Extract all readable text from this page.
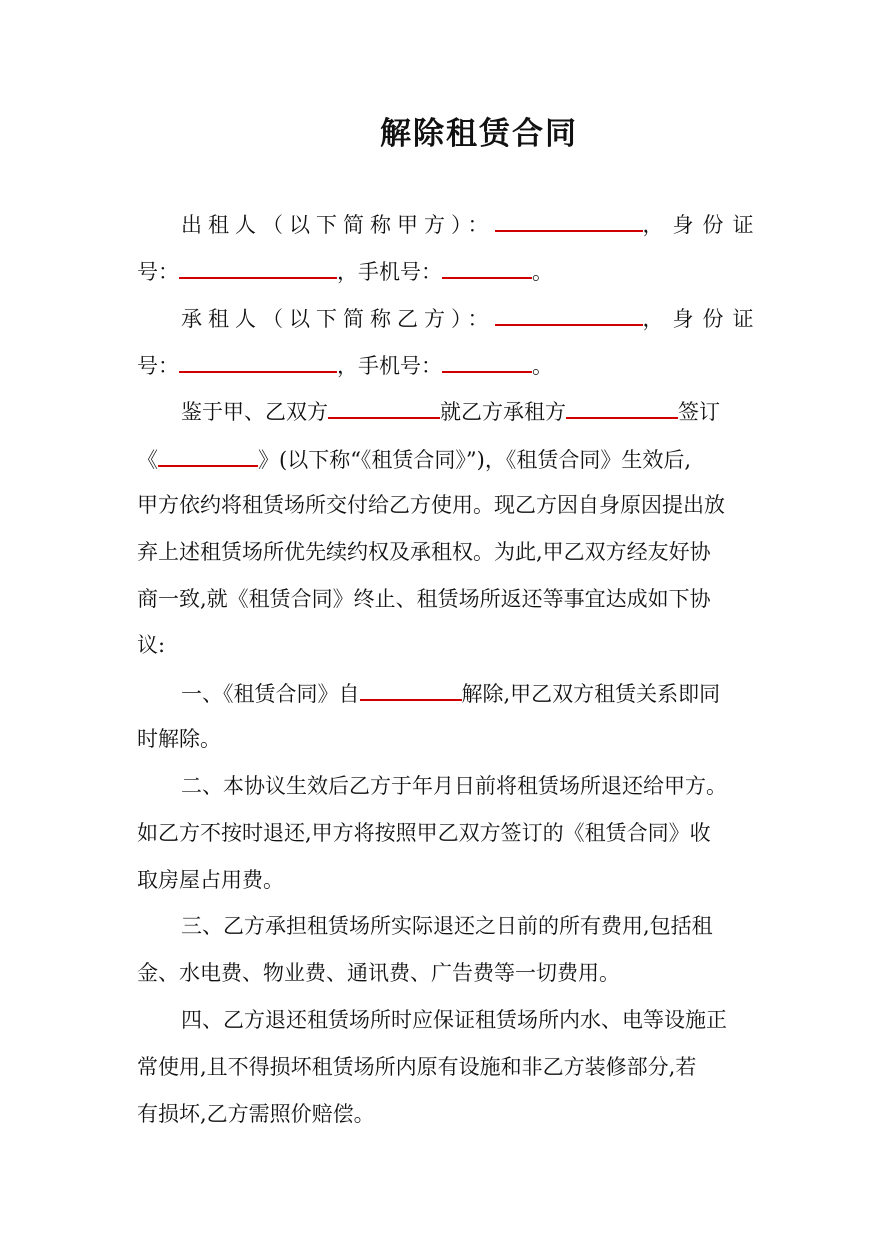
解除租赁合同
出租人（以下简称甲方）：	，身份证
号：	，手机号：	。
承租人（以下简称乙方）：	，身份证
号：	，手机号：	。
鉴于甲、乙双方	就乙方承租方	签订
《	》(以下称“《租赁合同》”)，《租赁合同》生效后,
甲方依约将租赁场所交付给乙方使用。现乙方因自身原因提出放
弃上述租赁场所优先续约权及承租权。为此,甲乙双方经友好协
商一致,就《租赁合同》终止、租赁场所返还等事宜达成如下协
议:
一、《租赁合同》自	解除,甲乙双方租赁关系即同
时解除。
二、本协议生效后乙方于年月日前将租赁场所退还给甲方。
如乙方不按时退还,甲方将按照甲乙双方签订的《租赁合同》收
取房屋占用费。
三、乙方承担租赁场所实际退还之日前的所有费用,包括租
金、水电费、物业费、通讯费、广告费等一切费用。
四、乙方退还租赁场所时应保证租赁场所内水、电等设施正
常使用,且不得损坏租赁场所内原有设施和非乙方装修部分,若
有损坏,乙方需照价赔偿。
